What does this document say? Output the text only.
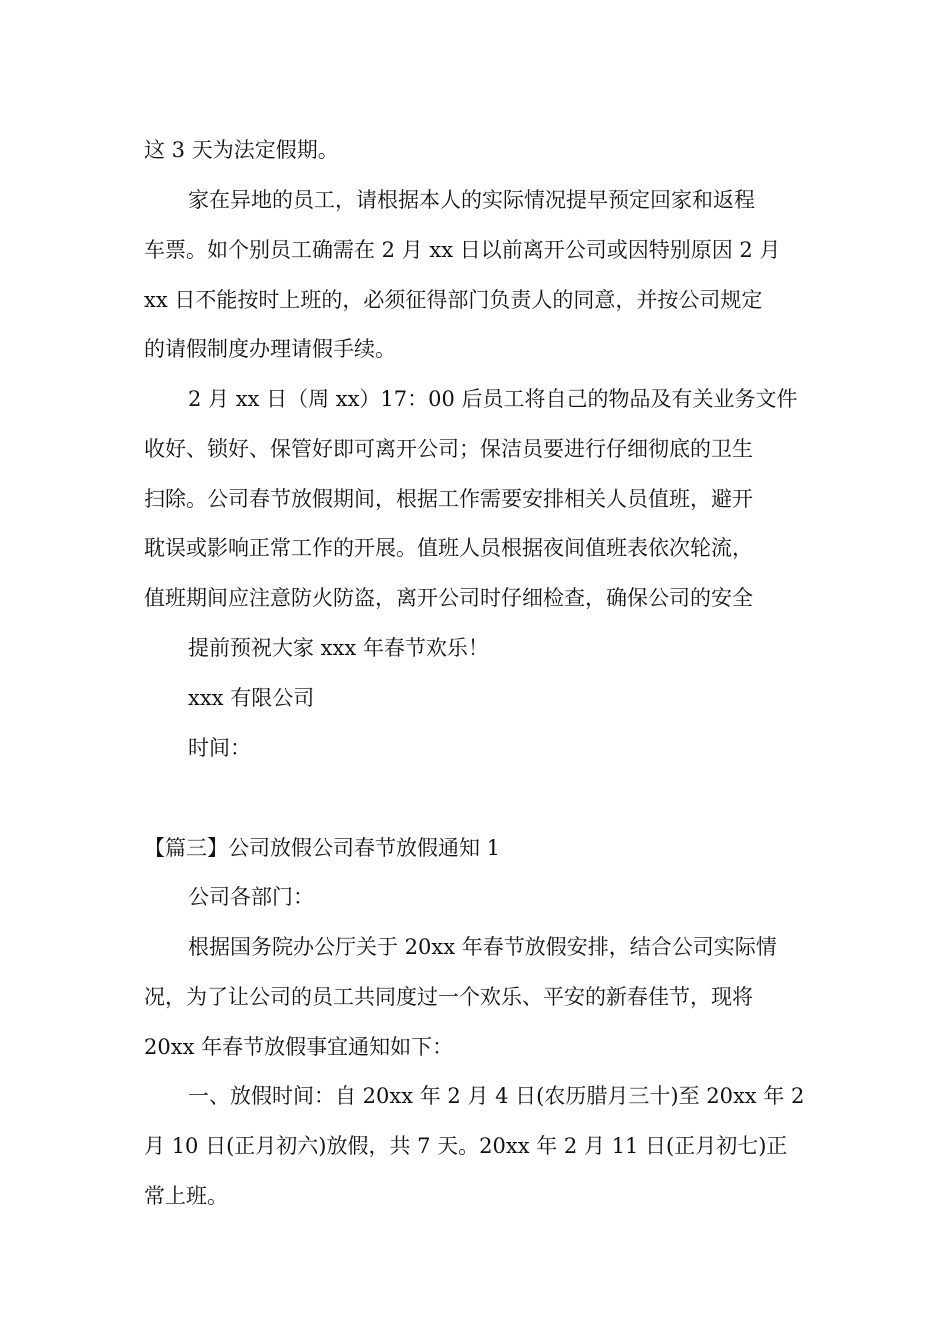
这 3 天为法定假期。

家在异地的员工，请根据本人的实际情况提早预定回家和返程

车票。如个别员工确需在 2 月 xx 日以前离开公司或因特别原因 2 月

xx 日不能按时上班的，必须征得部门负责人的同意，并按公司规定

的请假制度办理请假手续。

2 月 xx 日（周 xx）17：00 后员工将自己的物品及有关业务文件

收好、锁好、保管好即可离开公司；保洁员要进行仔细彻底的卫生

扫除。公司春节放假期间，根据工作需要安排相关人员值班，避开

耽误或影响正常工作的开展。值班人员根据夜间值班表依次轮流，

值班期间应注意防火防盗，离开公司时仔细检查，确保公司的安全

提前预祝大家 xxx 年春节欢乐！

xxx 有限公司

时间：

【篇三】公司放假公司春节放假通知 1

公司各部门：

根据国务院办公厅关于 20xx 年春节放假安排，结合公司实际情

况，为了让公司的员工共同度过一个欢乐、平安的新春佳节，现将

20xx 年春节放假事宜通知如下：

一、放假时间：自 20xx 年 2 月 4 日(农历腊月三十)至 20xx 年 2

月 10 日(正月初六)放假，共 7 天。20xx 年 2 月 11 日(正月初七)正

常上班。
